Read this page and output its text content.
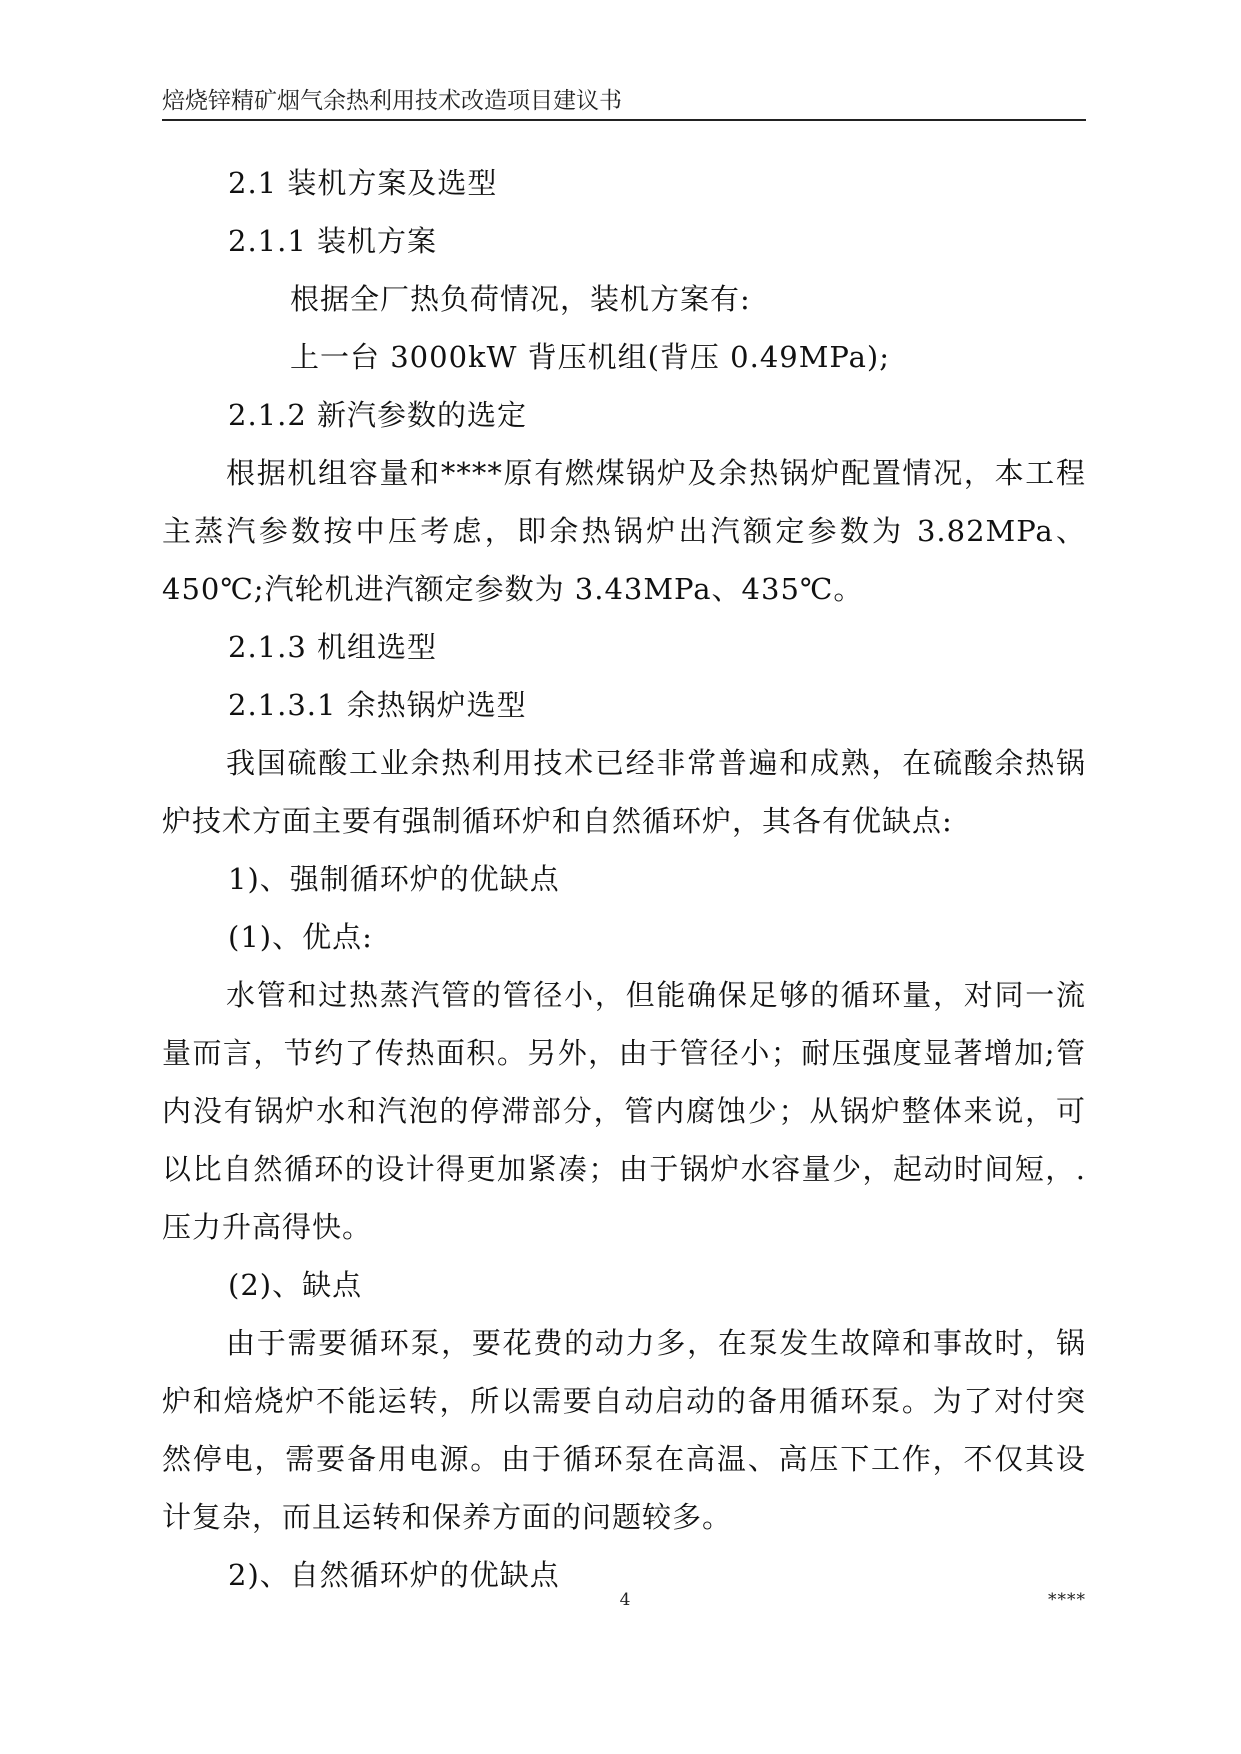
焙烧锌精矿烟气余热利用技术改造项目建议书

2.1 装机方案及选型

2.1.1 装机方案

根据全厂热负荷情况，装机方案有:

上一台 3000kW 背压机组(背压 0.49MPa);

2.1.2 新汽参数的选定

根据机组容量和****原有燃煤锅炉及余热锅炉配置情况，本工程主蒸汽参数按中压考虑，即余热锅炉出汽额定参数为 3.82MPa、450℃;汽轮机进汽额定参数为 3.43MPa、435℃。

2.1.3 机组选型

2.1.3.1 余热锅炉选型

我国硫酸工业余热利用技术已经非常普遍和成熟，在硫酸余热锅炉技术方面主要有强制循环炉和自然循环炉，其各有优缺点:

1)、强制循环炉的优缺点

(1)、优点:

水管和过热蒸汽管的管径小，但能确保足够的循环量，对同一流量而言，节约了传热面积。另外，由于管径小；耐压强度显著增加;管内没有锅炉水和汽泡的停滞部分，管内腐蚀少；从锅炉整体来说，可以比自然循环的设计得更加紧凑；由于锅炉水容量少，起动时间短，. 压力升高得快。

(2)、缺点

由于需要循环泵，要花费的动力多，在泵发生故障和事故时，锅炉和焙烧炉不能运转，所以需要自动启动的备用循环泵。为了对付突然停电，需要备用电源。由于循环泵在高温、高压下工作，不仅其设计复杂，而且运转和保养方面的问题较多。

2)、自然循环炉的优缺点

4	****
